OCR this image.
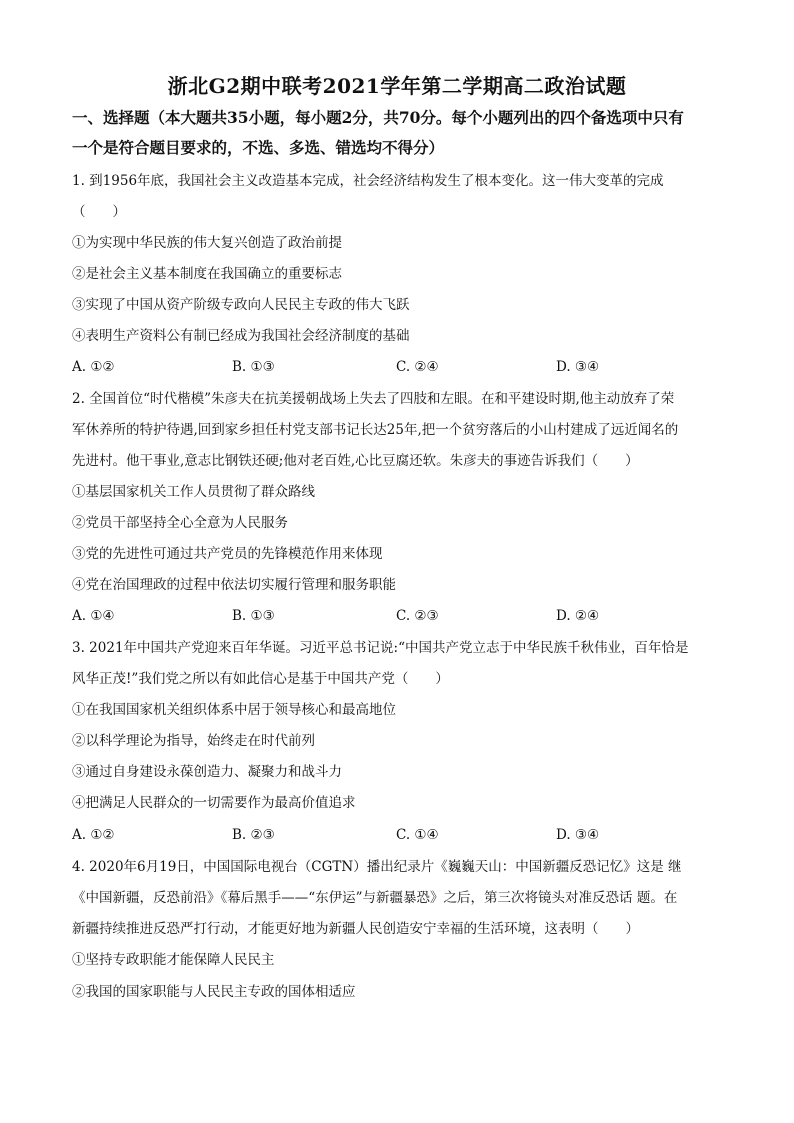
浙北G2期中联考2021学年第二学期高二政治试题

一、选择题（本大题共35小题，每小题2分，共70分。每个小题列出的四个备选项中只有

一个是符合题目要求的，不选、多选、错选均不得分）

1. 到1956年底，我国社会主义改造基本完成，社会经济结构发生了根本变化。这一伟大变革的完成

（　　）

①为实现中华民族的伟大复兴创造了政治前提

②是社会主义基本制度在我国确立的重要标志

③实现了中国从资产阶级专政向人民民主专政的伟大飞跃

④表明生产资料公有制已经成为我国社会经济制度的基础

A. ①②	B. ①③	C. ②④	D. ③④

2. 全国首位“时代楷模”朱彦夫在抗美援朝战场上失去了四肢和左眼。在和平建设时期,他主动放弃了荣

军休养所的特护待遇,回到家乡担任村党支部书记长达25年,把一个贫穷落后的小山村建成了远近闻名的

先进村。他干事业,意志比钢铁还硬;他对老百姓,心比豆腐还软。朱彦夫的事迹告诉我们（　　）

①基层国家机关工作人员贯彻了群众路线

②党员干部坚持全心全意为人民服务

③党的先进性可通过共产党员的先锋模范作用来体现

④党在治国理政的过程中依法切实履行管理和服务职能

A. ①④	B. ①③	C. ②③	D. ②④

3. 2021年中国共产党迎来百年华诞。习近平总书记说:“中国共产党立志于中华民族千秋伟业，百年恰是

风华正茂!”我们党之所以有如此信心是基于中国共产党（　　）

①在我国国家机关组织体系中居于领导核心和最高地位

②以科学理论为指导，始终走在时代前列

③通过自身建设永葆创造力、凝聚力和战斗力

④把满足人民群众的一切需要作为最高价值追求

A. ①②	B. ②③	C. ①④	D. ③④

4. 2020年6月19日，中国国际电视台（CGTN）播出纪录片《巍巍天山：中国新疆反恐记忆》这是 继

《中国新疆，反恐前沿》《幕后黑手——“东伊运”与新疆暴恐》之后，第三次将镜头对准反恐话 题。在

新疆持续推进反恐严打行动，才能更好地为新疆人民创造安宁幸福的生活环境，这表明（　　）

①坚持专政职能才能保障人民民主

②我国的国家职能与人民民主专政的国体相适应
